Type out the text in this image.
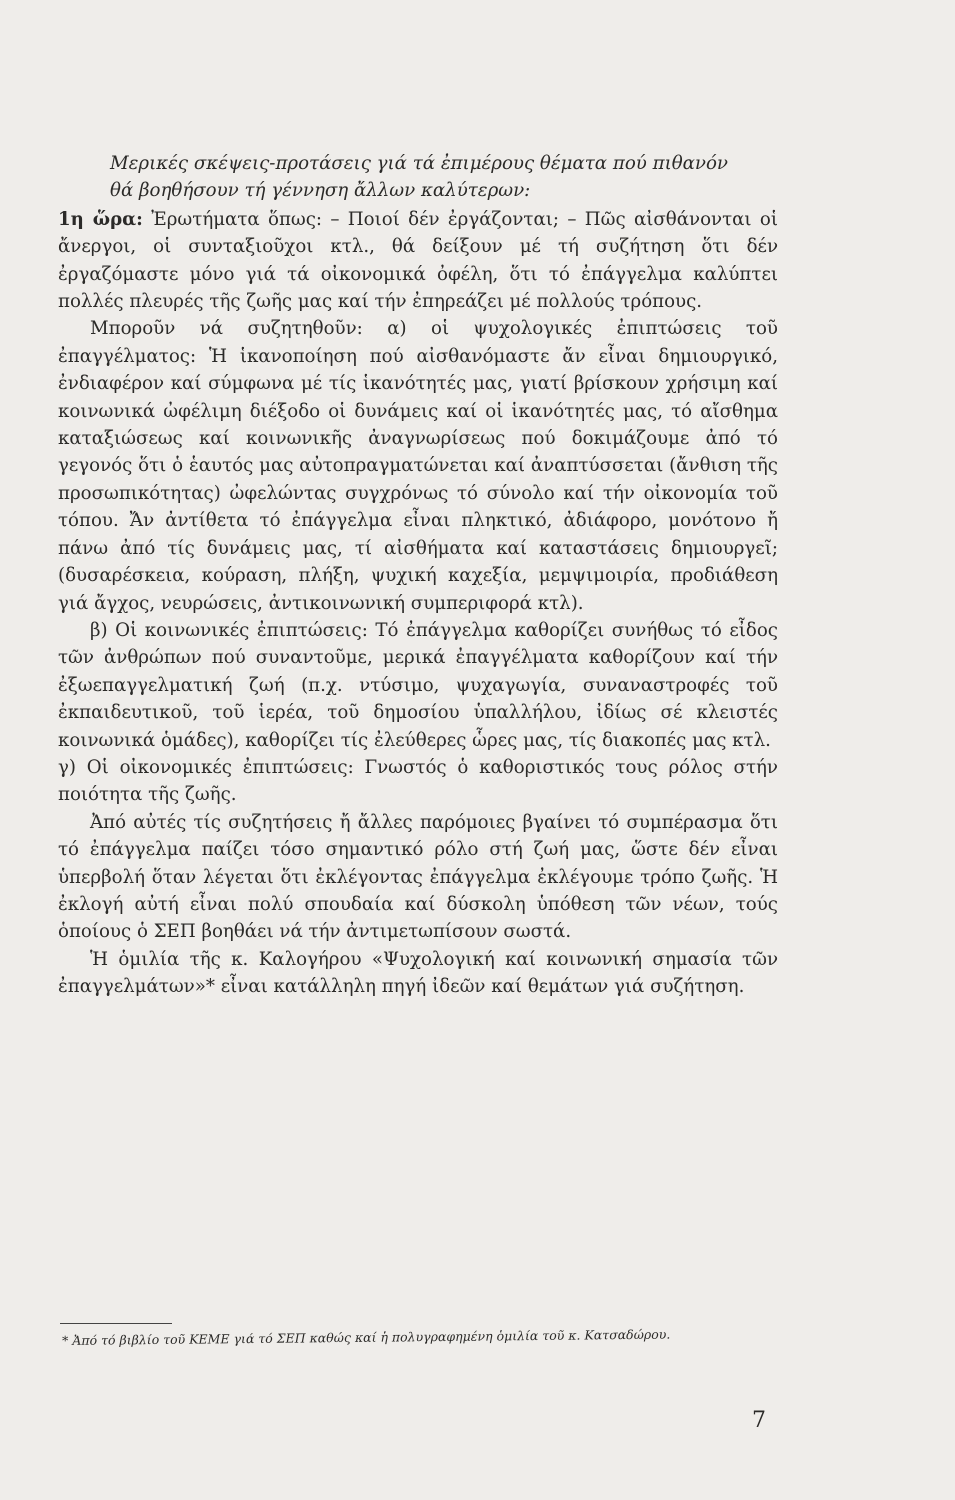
Μερικές σκέψεις-προτάσεις γιά τά ἐπιμέρους θέματα πού πιθανόν
θά βοηθήσουν τή γέννηση ἄλλων καλύτερων:

1η ὥρα: Ἐρωτήματα ὅπως: – Ποιοί δέν ἐργάζονται; – Πῶς αἰσθάνονται οἱ ἄνεργοι, οἱ συνταξιοῦχοι κτλ., θά δείξουν μέ τή συζήτηση ὅτι δέν ἐργαζόμαστε μόνο γιά τά οἰκονομικά ὀφέλη, ὅτι τό ἐπάγγελμα καλύπτει πολλές πλευρές τῆς ζωῆς μας καί τήν ἐπηρεάζει μέ πολλούς τρόπους.

Μποροῦν νά συζητηθοῦν: α) οἱ ψυχολογικές ἐπιπτώσεις τοῦ ἐπαγγέλματος: Ἡ ἱκανοποίηση πού αἰσθανόμαστε ἄν εἶναι δημιουργικό, ἐνδιαφέρον καί σύμφωνα μέ τίς ἱκανότητές μας, γιατί βρίσκουν χρήσιμη καί κοινωνικά ὠφέλιμη διέξοδο οἱ δυνάμεις καί οἱ ἱκανότητές μας, τό αἴσθημα καταξιώσεως καί κοινωνικῆς ἀναγνωρίσεως πού δοκιμάζουμε ἀπό τό γεγονός ὅτι ὁ ἑαυτός μας αὐτοπραγματώνεται καί ἀναπτύσσεται (ἄνθιση τῆς προσωπικότητας) ὠφελώντας συγχρόνως τό σύνολο καί τήν οἰκονομία τοῦ τόπου. Ἄν ἀντίθετα τό ἐπάγγελμα εἶναι πληκτικό, ἀδιάφορο, μονότονο ἤ πάνω ἀπό τίς δυνάμεις μας, τί αἰσθήματα καί καταστάσεις δημιουργεῖ; (δυσαρέσκεια, κούραση, πλήξη, ψυχική καχεξία, μεμψιμοιρία, προδιάθεση γιά ἄγχος, νευρώσεις, ἀντικοινωνική συμπεριφορά κτλ).

β) Οἱ κοινωνικές ἐπιπτώσεις: Τό ἐπάγγελμα καθορίζει συνήθως τό εἶδος τῶν ἀνθρώπων πού συναντοῦμε, μερικά ἐπαγγέλματα καθορίζουν καί τήν ἐξωεπαγγελματική ζωή (π.χ. ντύσιμο, ψυχαγωγία, συναναστροφές τοῦ ἐκπαιδευτικοῦ, τοῦ ἱερέα, τοῦ δημοσίου ὑπαλλήλου, ἰδίως σέ κλειστές κοινωνικά ὁμάδες), καθορίζει τίς ἐλεύθερες ὧρες μας, τίς διακοπές μας κτλ.

γ) Οἱ οἰκονομικές ἐπιπτώσεις: Γνωστός ὁ καθοριστικός τους ρόλος στήν ποιότητα τῆς ζωῆς.

Ἀπό αὐτές τίς συζητήσεις ἤ ἄλλες παρόμοιες βγαίνει τό συμπέρασμα ὅτι τό ἐπάγγελμα παίζει τόσο σημαντικό ρόλο στή ζωή μας, ὥστε δέν εἶναι ὑπερβολή ὅταν λέγεται ὅτι ἐκλέγοντας ἐπάγγελμα ἐκλέγουμε τρόπο ζωῆς. Ἡ ἐκλογή αὐτή εἶναι πολύ σπουδαία καί δύσκολη ὑπόθεση τῶν νέων, τούς ὁποίους ὁ ΣΕΠ βοηθάει νά τήν ἀντιμετωπίσουν σωστά.

Ἡ ὁμιλία τῆς κ. Καλογήρου «Ψυχολογική καί κοινωνική σημασία τῶν ἐπαγγελμάτων»* εἶναι κατάλληλη πηγή ἰδεῶν καί θεμάτων γιά συζήτηση.

* Ἀπό τό βιβλίο τοῦ ΚΕΜΕ γιά τό ΣΕΠ καθώς καί ἡ πολυγραφημένη ὁμιλία τοῦ κ. Κατσαδώρου.
7
